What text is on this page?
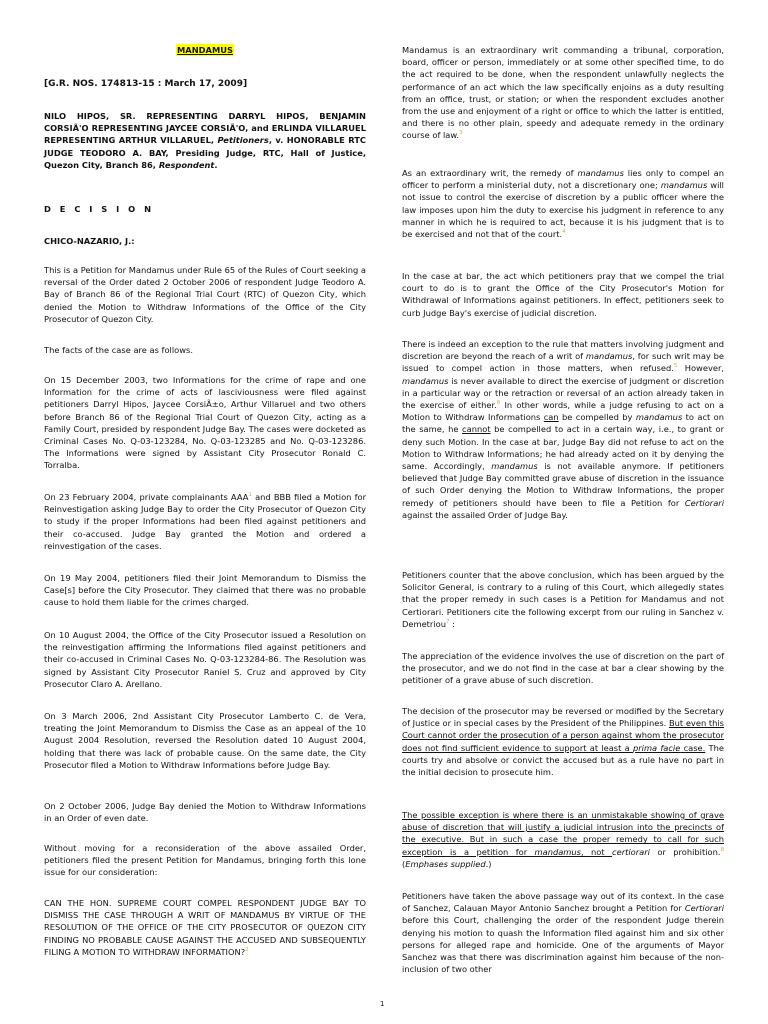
MANDAMUS
[G.R. NOS. 174813-15 : March 17, 2009]
NILO HIPOS, SR. REPRESENTING DARRYL HIPOS, BENJAMIN CORSIÃ'O REPRESENTING JAYCEE CORSIÃ'O, and ERLINDA VILLARUEL REPRESENTING ARTHUR VILLARUEL, Petitioners, v. HONORABLE RTC JUDGE TEODORO A. BAY, Presiding Judge, RTC, Hall of Justice, Quezon City, Branch 86, Respondent.
D E C I S I O N
CHICO-NAZARIO, J.:
This is a Petition for Mandamus under Rule 65 of the Rules of Court seeking a reversal of the Order dated 2 October 2006 of respondent Judge Teodoro A. Bay of Branch 86 of the Regional Trial Court (RTC) of Quezon City, which denied the Motion to Withdraw Informations of the Office of the City Prosecutor of Quezon City.
The facts of the case are as follows.
On 15 December 2003, two Informations for the crime of rape and one Information for the crime of acts of lasciviousness were filed against petitioners Darryl Hipos, Jaycee CorsiÃ±o, Arthur Villaruel and two others before Branch 86 of the Regional Trial Court of Quezon City, acting as a Family Court, presided by respondent Judge Bay. The cases were docketed as Criminal Cases No. Q-03-123284, No. Q-03-123285 and No. Q-03-123286. The Informations were signed by Assistant City Prosecutor Ronald C. Torralba.
On 23 February 2004, private complainants AAA$^1$ and BBB filed a Motion for Reinvestigation asking Judge Bay to order the City Prosecutor of Quezon City to study if the proper Informations had been filed against petitioners and their co-accused. Judge Bay granted the Motion and ordered a reinvestigation of the cases.
On 19 May 2004, petitioners filed their Joint Memorandum to Dismiss the Case[s] before the City Prosecutor. They claimed that there was no probable cause to hold them liable for the crimes charged.
On 10 August 2004, the Office of the City Prosecutor issued a Resolution on the reinvestigation affirming the Informations filed against petitioners and their co-accused in Criminal Cases No. Q-03-123284-86. The Resolution was signed by Assistant City Prosecutor Raniel S. Cruz and approved by City Prosecutor Claro A. Arellano.
On 3 March 2006, 2nd Assistant City Prosecutor Lamberto C. de Vera, treating the Joint Memorandum to Dismiss the Case as an appeal of the 10 August 2004 Resolution, reversed the Resolution dated 10 August 2004, holding that there was lack of probable cause. On the same date, the City Prosecutor filed a Motion to Withdraw Informations before Judge Bay.
On 2 October 2006, Judge Bay denied the Motion to Withdraw Informations in an Order of even date.
Without moving for a reconsideration of the above assailed Order, petitioners filed the present Petition for Mandamus, bringing forth this lone issue for our consideration:
CAN THE HON. SUPREME COURT COMPEL RESPONDENT JUDGE BAY TO DISMISS THE CASE THROUGH A WRIT OF MANDAMUS BY VIRTUE OF THE RESOLUTION OF THE OFFICE OF THE CITY PROSECUTOR OF QUEZON CITY FINDING NO PROBABLE CAUSE AGAINST THE ACCUSED AND SUBSEQUENTLY FILING A MOTION TO WITHDRAW INFORMATION?$^2$
Mandamus is an extraordinary writ commanding a tribunal, corporation, board, officer or person, immediately or at some other specified time, to do the act required to be done, when the respondent unlawfully neglects the performance of an act which the law specifically enjoins as a duty resulting from an office, trust, or station; or when the respondent excludes another from the use and enjoyment of a right or office to which the latter is entitled, and there is no other plain, speedy and adequate remedy in the ordinary course of law.$^3$
As an extraordinary writ, the remedy of mandamus lies only to compel an officer to perform a ministerial duty, not a discretionary one; mandamus will not issue to control the exercise of discretion by a public officer where the law imposes upon him the duty to exercise his judgment in reference to any manner in which he is required to act, because it is his judgment that is to be exercised and not that of the court.$^4$
In the case at bar, the act which petitioners pray that we compel the trial court to do is to grant the Office of the City Prosecutor's Motion for Withdrawal of Informations against petitioners. In effect, petitioners seek to curb Judge Bay's exercise of judicial discretion.
There is indeed an exception to the rule that matters involving judgment and discretion are beyond the reach of a writ of mandamus, for such writ may be issued to compel action in those matters, when refused.$^5$ However, mandamus is never available to direct the exercise of judgment or discretion in a particular way or the retraction or reversal of an action already taken in the exercise of either.$^6$ In other words, while a judge refusing to act on a Motion to Withdraw Informations can be compelled by mandamus to act on the same, he cannot be compelled to act in a certain way, i.e., to grant or deny such Motion. In the case at bar, Judge Bay did not refuse to act on the Motion to Withdraw Informations; he had already acted on it by denying the same. Accordingly, mandamus is not available anymore. If petitioners believed that Judge Bay committed grave abuse of discretion in the issuance of such Order denying the Motion to Withdraw Informations, the proper remedy of petitioners should have been to file a Petition for Certiorari against the assailed Order of Judge Bay.
Petitioners counter that the above conclusion, which has been argued by the Solicitor General, is contrary to a ruling of this Court, which allegedly states that the proper remedy in such cases is a Petition for Mandamus and not Certiorari. Petitioners cite the following excerpt from our ruling in Sanchez v. Demetriou$^7$ :
The appreciation of the evidence involves the use of discretion on the part of the prosecutor, and we do not find in the case at bar a clear showing by the petitioner of a grave abuse of such discretion.
The decision of the prosecutor may be reversed or modified by the Secretary of Justice or in special cases by the President of the Philippines. But even this Court cannot order the prosecution of a person against whom the prosecutor does not find sufficient evidence to support at least a prima facie case. The courts try and absolve or convict the accused but as a rule have no part in the initial decision to prosecute him.
The possible exception is where there is an unmistakable showing of grave abuse of discretion that will justify a judicial intrusion into the precincts of the executive. But in such a case the proper remedy to call for such exception is a petition for mandamus, not certiorari or prohibition.$^8$ (Emphases supplied.)
Petitioners have taken the above passage way out of its context. In the case of Sanchez, Calauan Mayor Antonio Sanchez brought a Petition for Certiorari before this Court, challenging the order of the respondent Judge therein denying his motion to quash the Information filed against him and six other persons for alleged rape and homicide. One of the arguments of Mayor Sanchez was that there was discrimination against him because of the non-inclusion of two other
1
